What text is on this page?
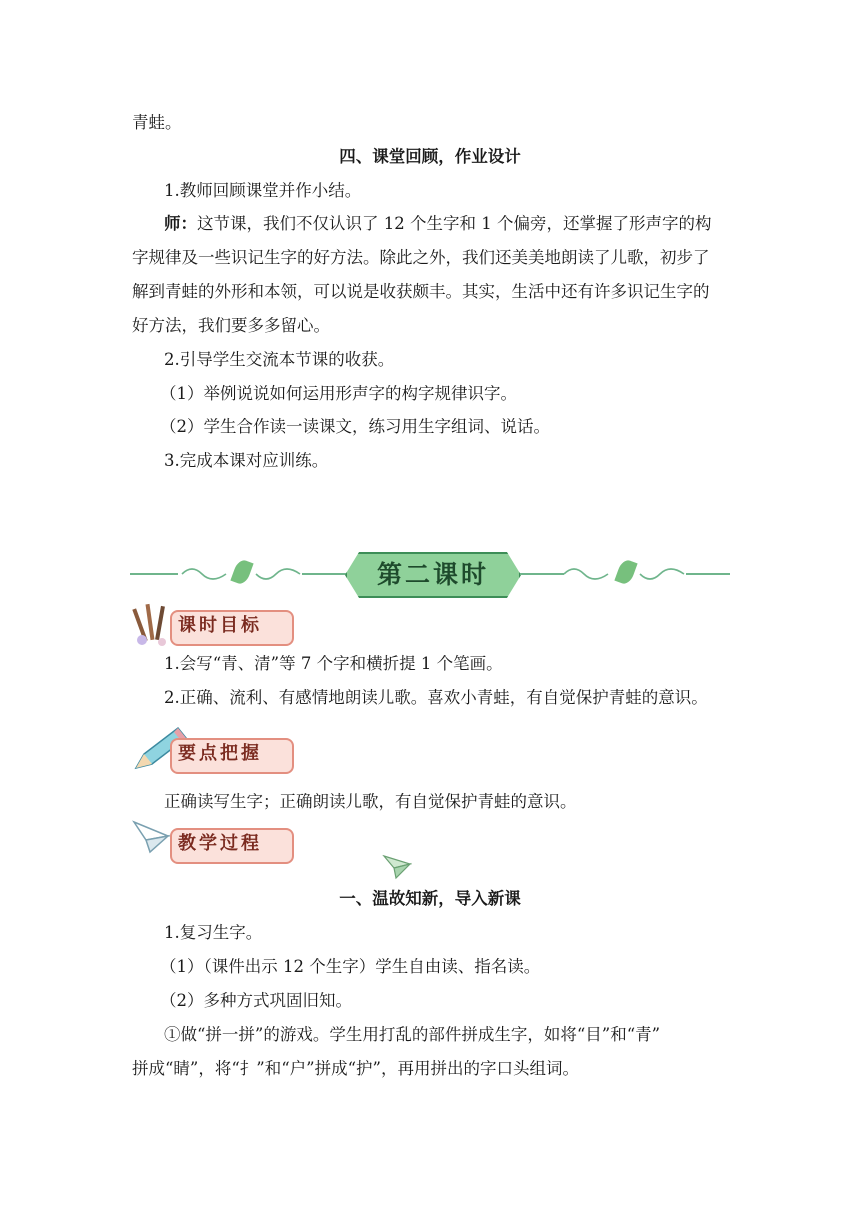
青蛙。
四、课堂回顾，作业设计
1.教师回顾课堂并作小结。
师：这节课，我们不仅认识了 12 个生字和 1 个偏旁，还掌握了形声字的构
字规律及一些识记生字的好方法。除此之外，我们还美美地朗读了儿歌，初步了
解到青蛙的外形和本领，可以说是收获颇丰。其实，生活中还有许多识记生字的
好方法，我们要多多留心。
2.引导学生交流本节课的收获。
（1）举例说说如何运用形声字的构字规律识字。
（2）学生合作读一读课文，练习用生字组词、说话。
3.完成本课对应训练。
第二课时
课时目标
1.会写“青、清”等 7 个字和横折提 1 个笔画。
2.正确、流利、有感情地朗读儿歌。喜欢小青蛙，有自觉保护青蛙的意识。
要点把握
正确读写生字；正确朗读儿歌，有自觉保护青蛙的意识。
教学过程
一、温故知新，导入新课
1.复习生字。
（1）（课件出示 12 个生字）学生自由读、指名读。
（2）多种方式巩固旧知。
①做“拼一拼”的游戏。学生用打乱的部件拼成生字，如将“目”和“青”
拼成“睛”，将“扌”和“户”拼成“护”，再用拼出的字口头组词。
